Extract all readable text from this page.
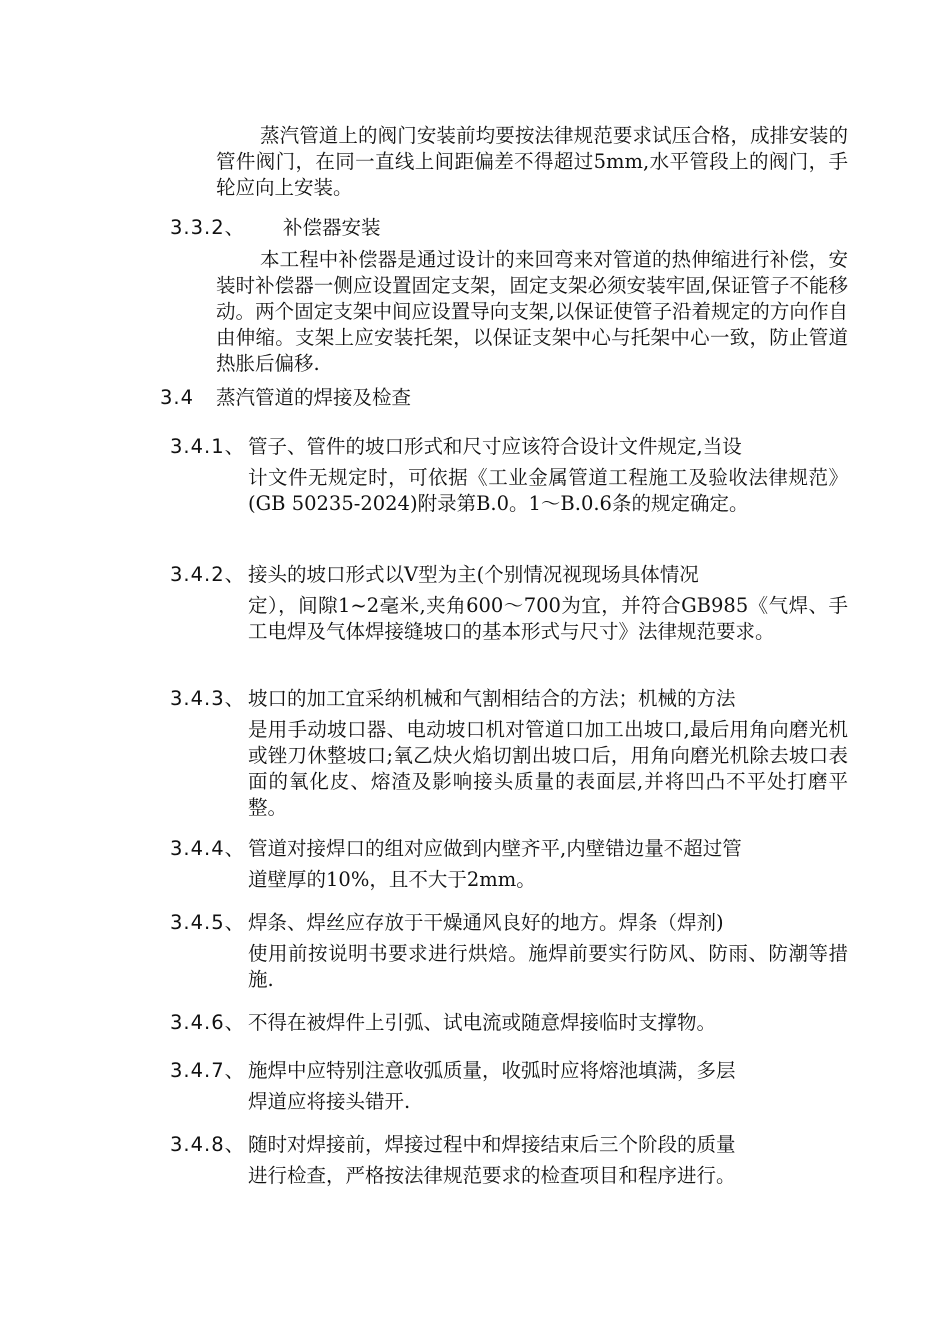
蒸汽管道上的阀门安装前均要按法律规范要求试压合格，成排安装的管件阀门，在同一直线上间距偏差不得超过5mm,水平管段上的阀门，手轮应向上安装。
3.3.2、 补偿器安装
本工程中补偿器是通过设计的来回弯来对管道的热伸缩进行补偿，安装时补偿器一侧应设置固定支架，固定支架必须安装牢固,保证管子不能移动。两个固定支架中间应设置导向支架,以保证使管子沿着规定的方向作自由伸缩。支架上应安装托架，以保证支架中心与托架中心一致，防止管道热胀后偏移.
3.4 蒸汽管道的焊接及检查
3.4.1、 管子、管件的坡口形式和尺寸应该符合设计文件规定,当设
计文件无规定时，可依据《工业金属管道工程施工及验收法律规范》(GB 50235-2024)附录第B.0。1～B.0.6条的规定确定。
3.4.2、 接头的坡口形式以V型为主(个别情况视现场具体情况
定），间隙1~2毫米,夹角600～700为宜，并符合GB985《气焊、手工电焊及气体焊接缝坡口的基本形式与尺寸》法律规范要求。
3.4.3、 坡口的加工宜采纳机械和气割相结合的方法；机械的方法
是用手动坡口器、电动坡口机对管道口加工出坡口,最后用角向磨光机或锉刀休整坡口;氧乙炔火焰切割出坡口后，用角向磨光机除去坡口表面的氧化皮、熔渣及影响接头质量的表面层,并将凹凸不平处打磨平整。
3.4.4、 管道对接焊口的组对应做到内壁齐平,内壁错边量不超过管
道壁厚的10%，且不大于2mm。
3.4.5、 焊条、焊丝应存放于干燥通风良好的地方。焊条（焊剂)
使用前按说明书要求进行烘焙。施焊前要实行防风、防雨、防潮等措施.
3.4.6、 不得在被焊件上引弧、试电流或随意焊接临时支撑物。
3.4.7、 施焊中应特别注意收弧质量，收弧时应将熔池填满，多层
焊道应将接头错开.
3.4.8、 随时对焊接前，焊接过程中和焊接结束后三个阶段的质量
进行检查，严格按法律规范要求的检查项目和程序进行。
